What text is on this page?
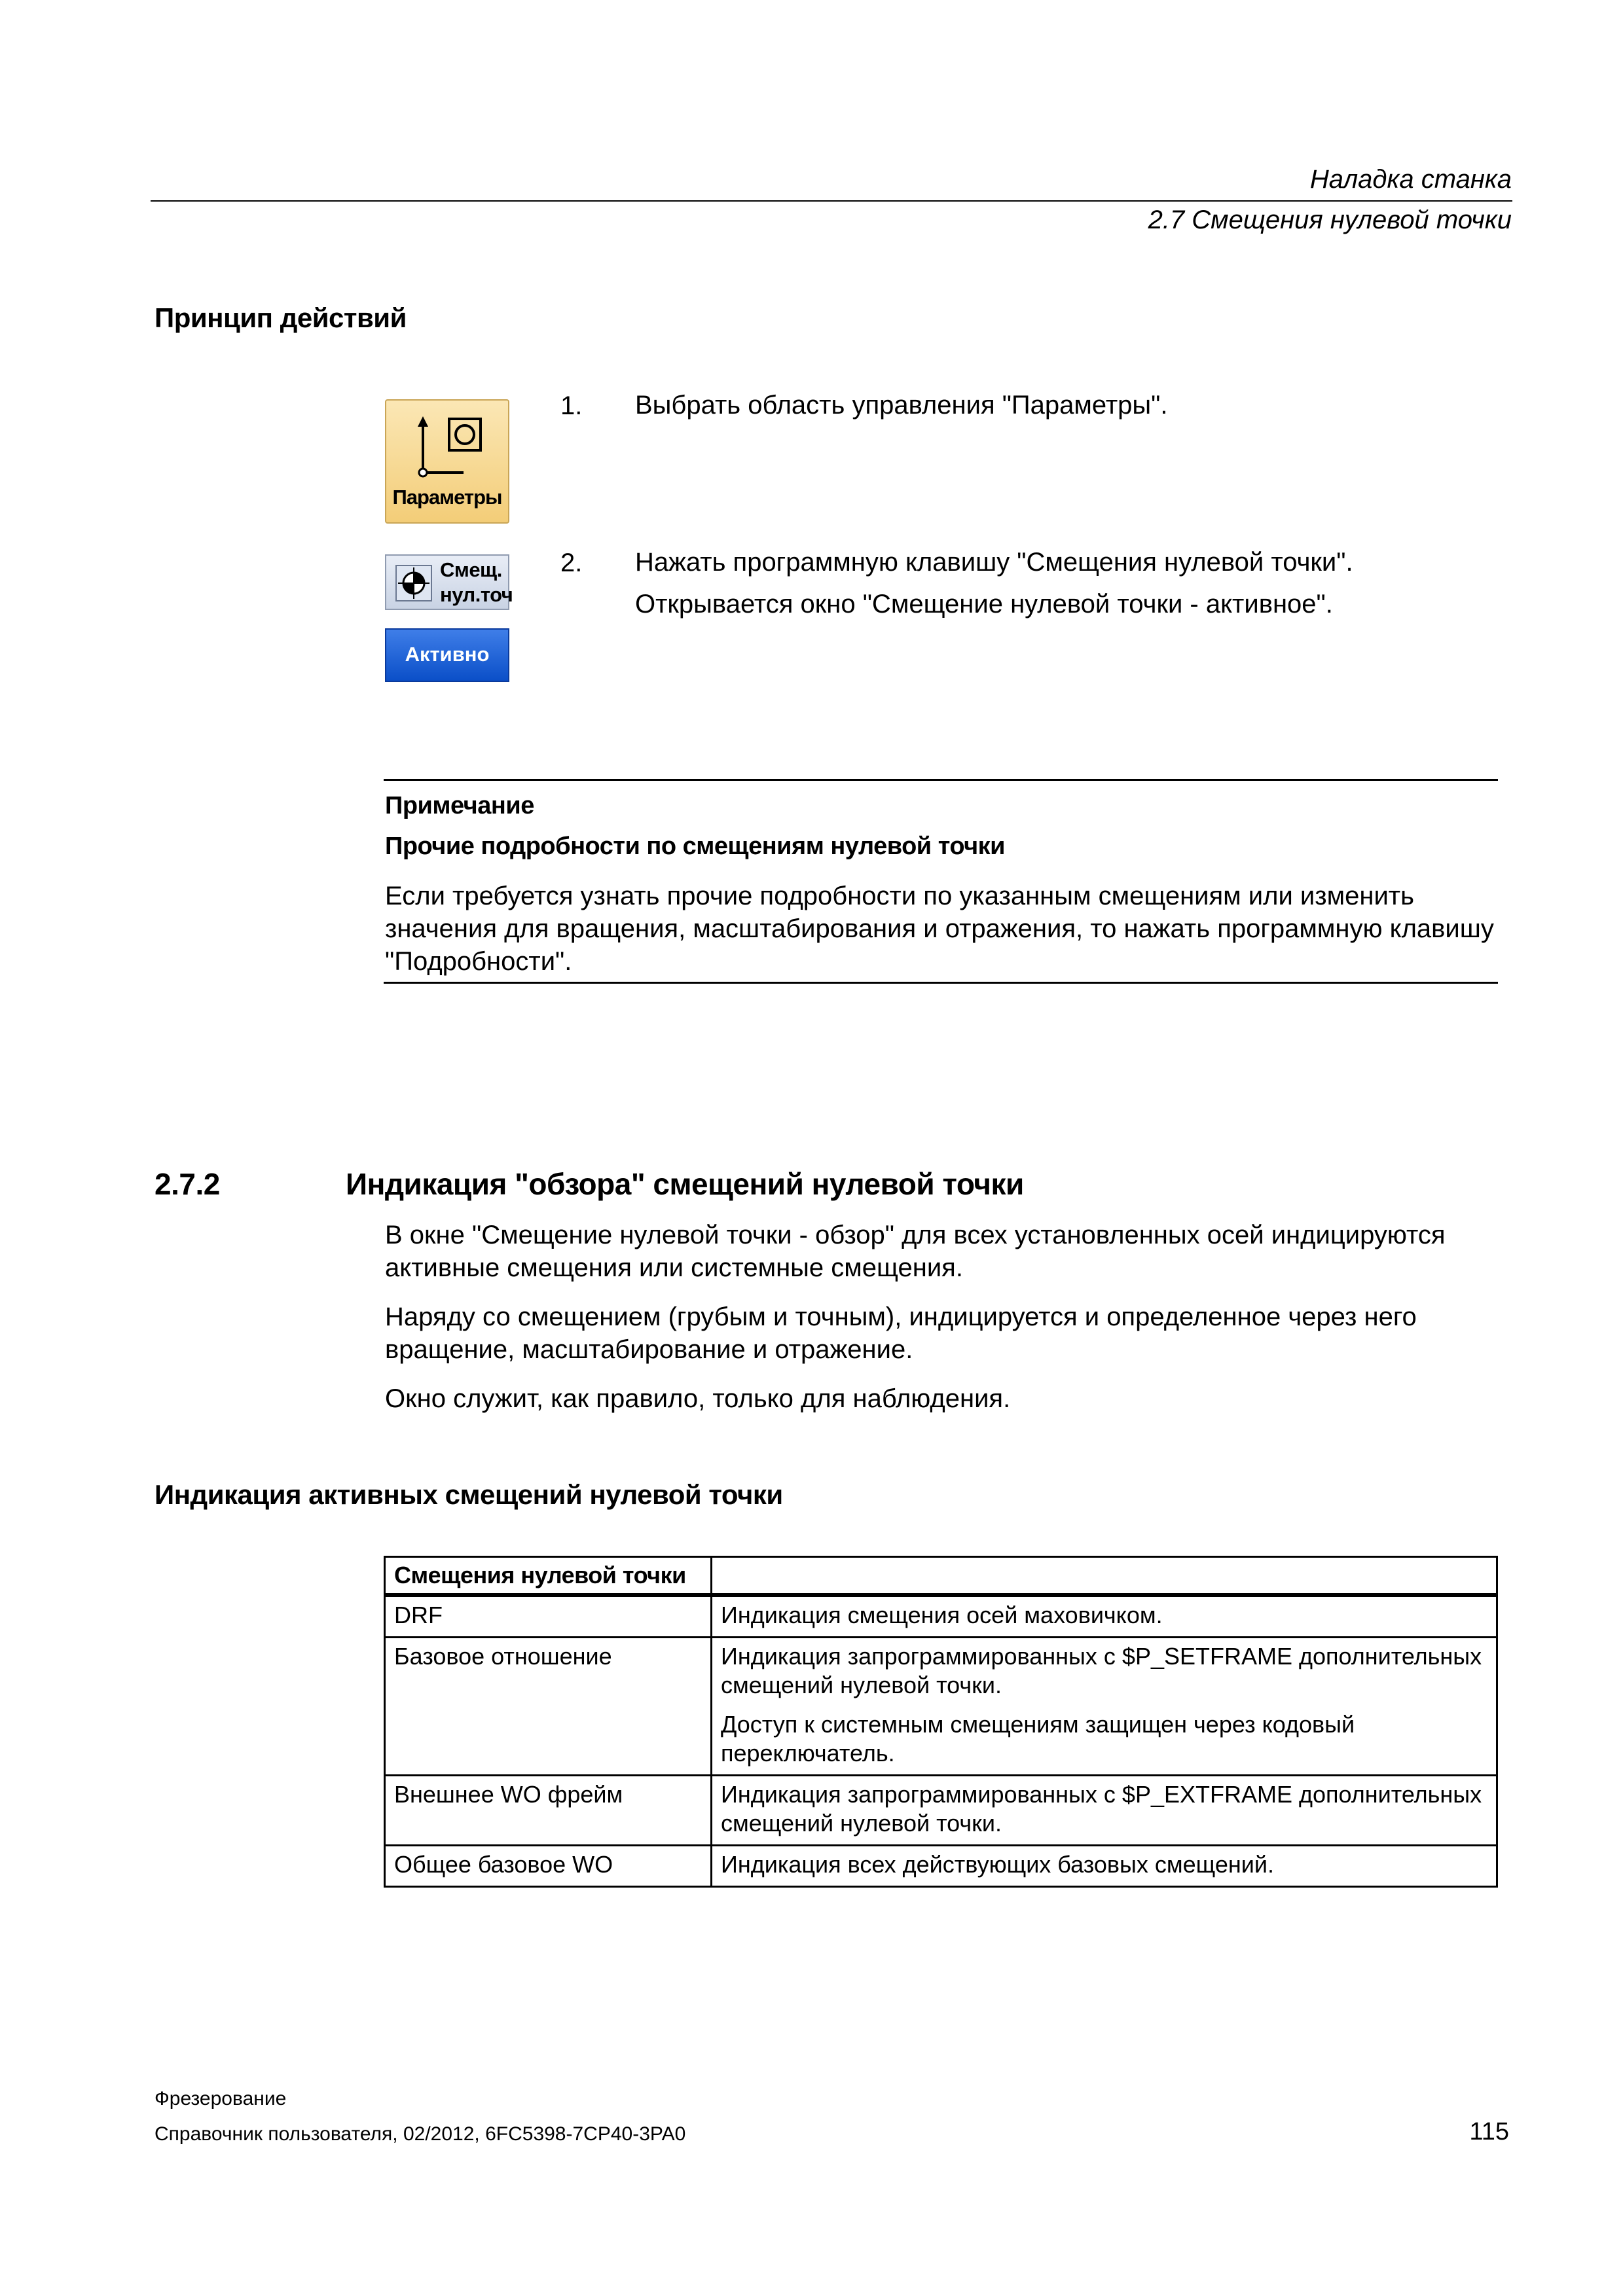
Наладка станка
2.7 Смещения нулевой точки
Принцип действий
Параметры
Смещ.
нул.точ
Активно
1. Выбрать область управления "Параметры".
2. Нажать программную клавишу "Смещения нулевой точки".
Открывается окно "Смещение нулевой точки - активное".
Примечание
Прочие подробности по смещениям нулевой точки
Если требуется узнать прочие подробности по указанным смещениям или изменить значения для вращения, масштабирования и отражения, то нажать программную клавишу "Подробности".
2.7.2	Индикация "обзора" смещений нулевой точки
В окне "Смещение нулевой точки - обзор" для всех установленных осей индицируются активные смещения или системные смещения.
Наряду со смещением (грубым и точным), индицируется и определенное через него вращение, масштабирование и отражение.
Окно служит, как правило, только для наблюдения.
Индикация активных смещений нулевой точки
Смещения нулевой точки	

DRF	Индикация смещения осей маховичком.

Базовое отношение	Индикация запрограммированных с $P_SETFRAME дополнительных смещений нулевой точки.

Доступ к системным смещениям защищен через кодовый переключатель.

Внешнее WO фрейм	Индикация запрограммированных с $P_EXTFRAME дополнительных смещений нулевой точки.

Общее базовое WO	Индикация всех действующих базовых смещений.

Фрезерование
Справочник пользователя, 02/2012, 6FC5398-7CP40-3PA0	115
